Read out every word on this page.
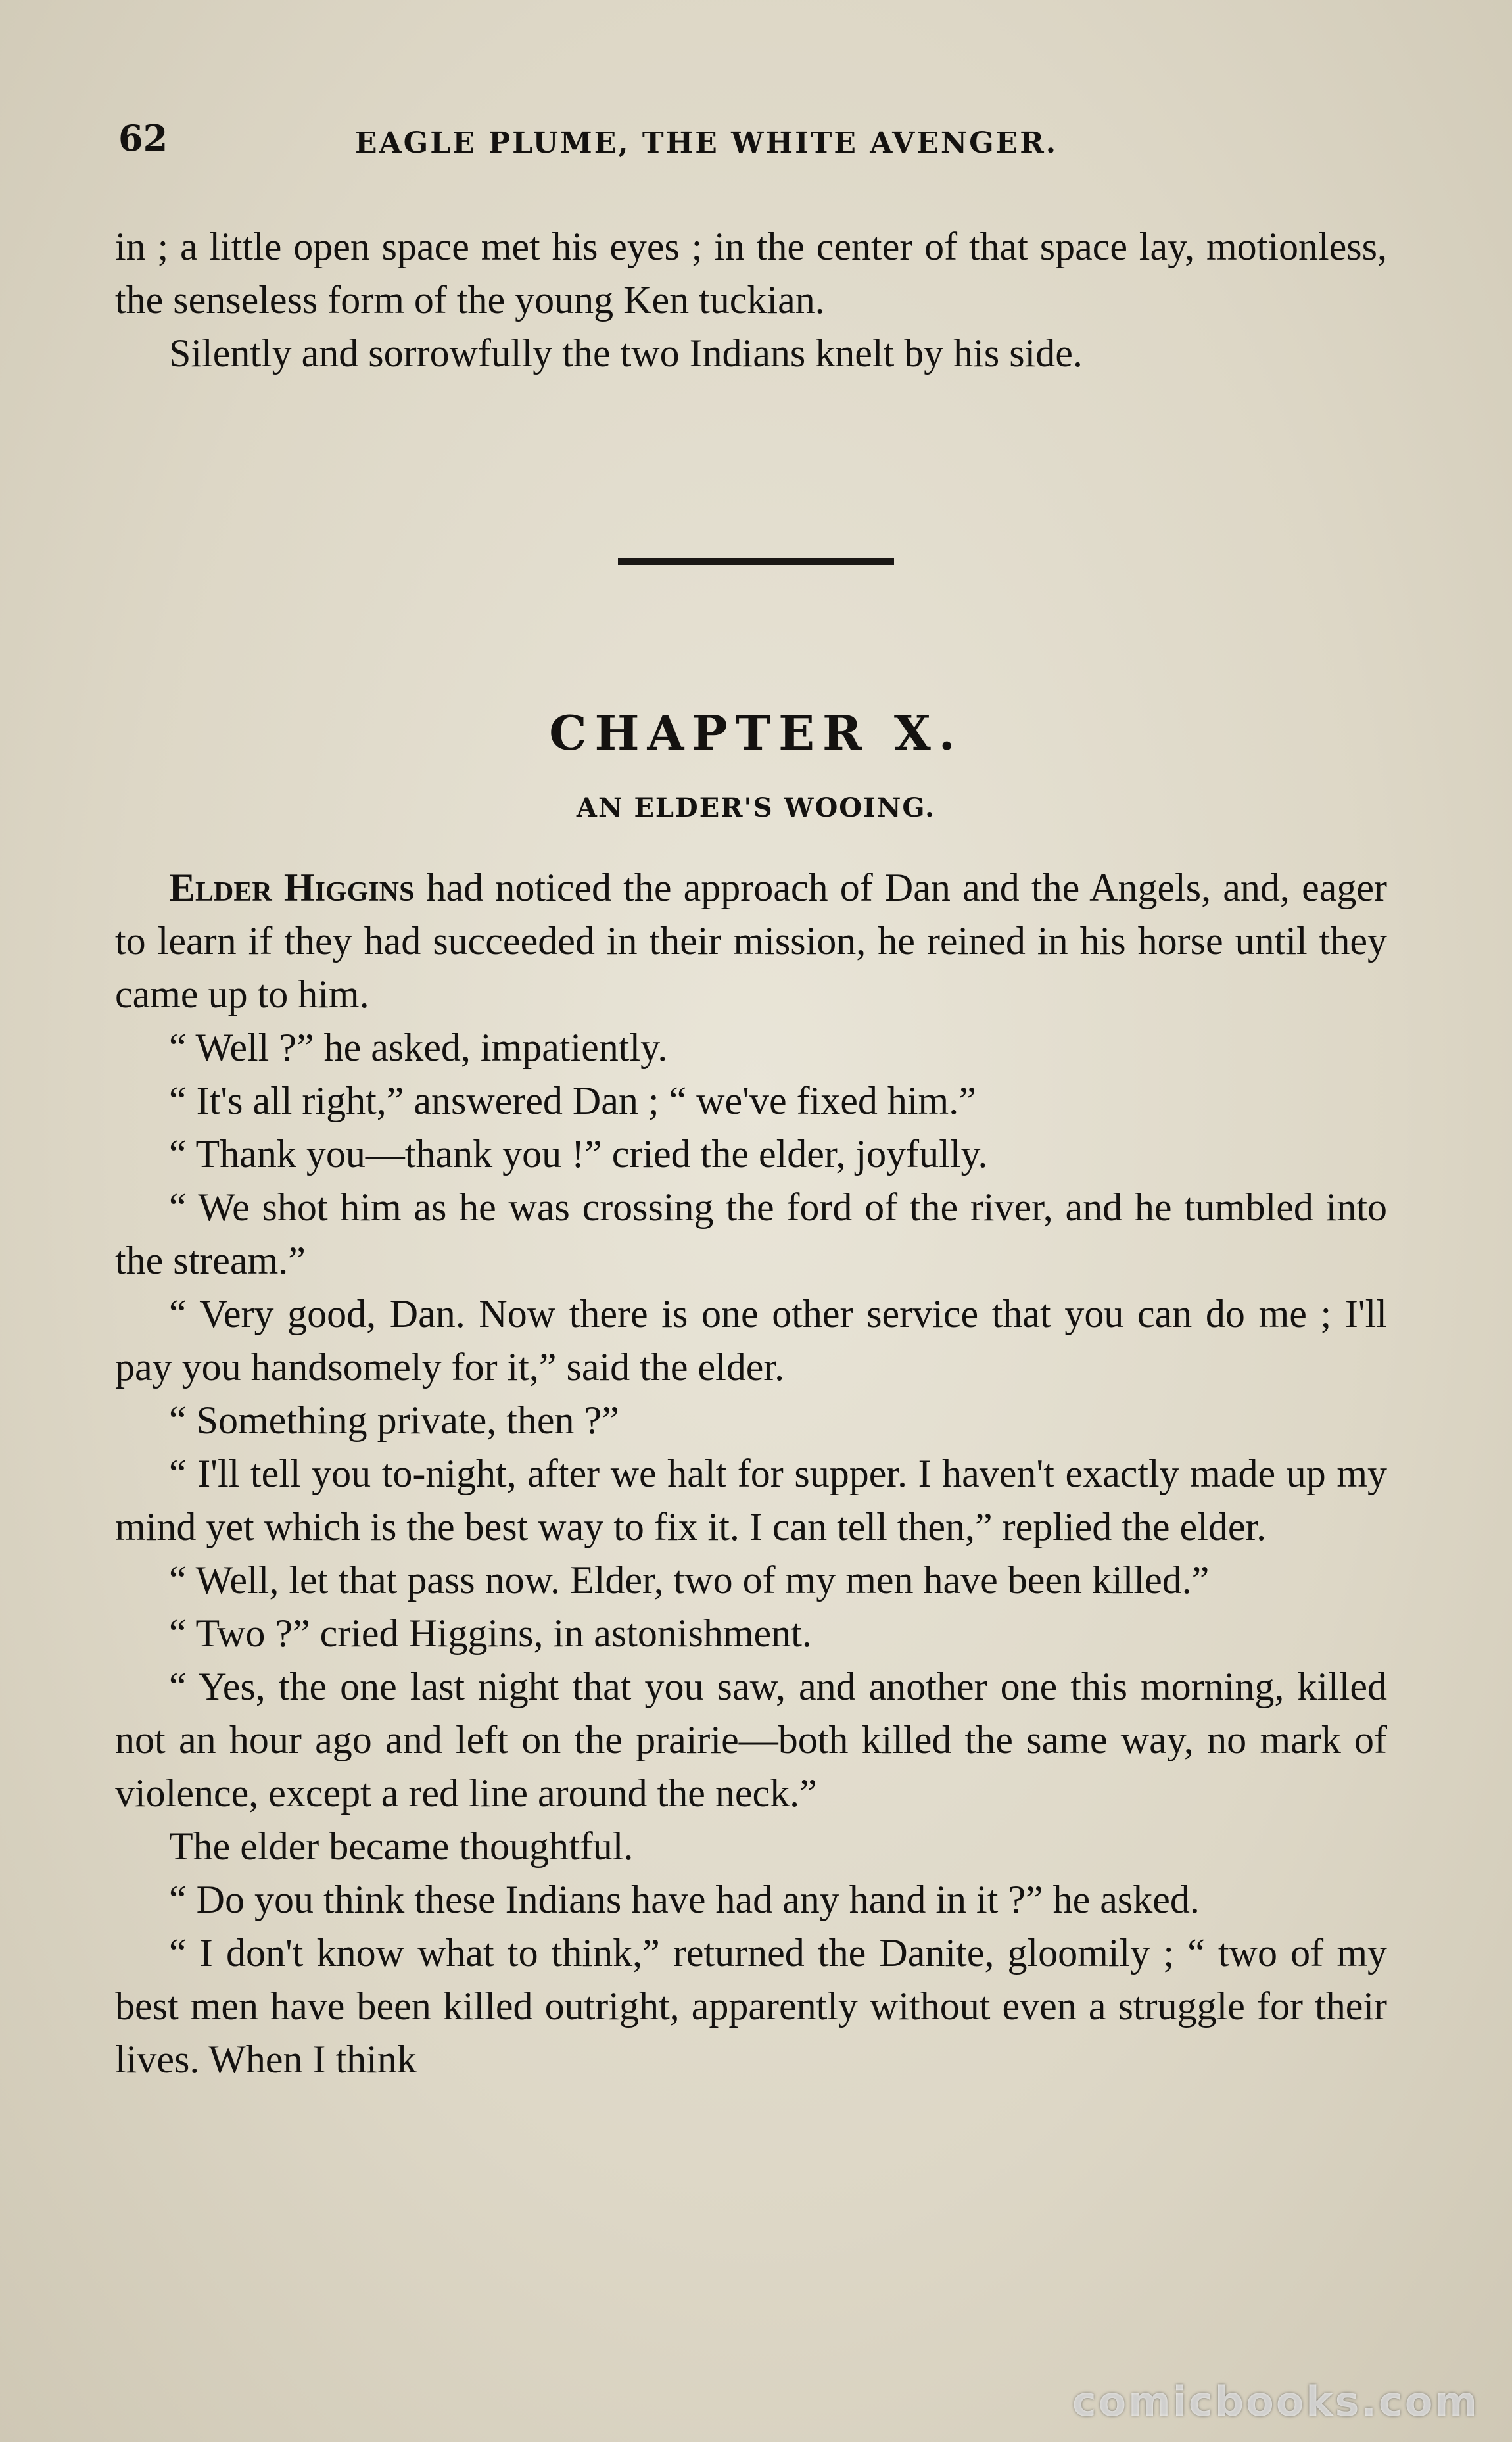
62	EAGLE PLUME, THE WHITE AVENGER.

in ; a little open space met his eyes ; in the center of that space lay, motionless, the senseless form of the young Ken tuckian.

Silently and sorrowfully the two Indians knelt by his side.

CHAPTER X.
AN ELDER'S WOOING.

Elder Higgins had noticed the approach of Dan and the Angels, and, eager to learn if they had succeeded in their mission, he reined in his horse until they came up to him.

“ Well ?” he asked, impatiently.

“ It's all right,” answered Dan ; “ we've fixed him.”

“ Thank you—thank you !” cried the elder, joyfully.

“ We shot him as he was crossing the ford of the river, and he tumbled into the stream.”

“ Very good, Dan. Now there is one other service that you can do me ; I'll pay you handsomely for it,” said the elder.

“ Something private, then ?”

“ I'll tell you to-night, after we halt for supper. I haven't exactly made up my mind yet which is the best way to fix it. I can tell then,” replied the elder.

“ Well, let that pass now. Elder, two of my men have been killed.”

“ Two ?” cried Higgins, in astonishment.

“ Yes, the one last night that you saw, and another one this morning, killed not an hour ago and left on the prairie—both killed the same way, no mark of violence, except a red line around the neck.”

The elder became thoughtful.

“ Do you think these Indians have had any hand in it ?” he asked.

“ I don't know what to think,” returned the Danite, gloomily ; “ two of my best men have been killed outright, apparently without even a struggle for their lives. When I think

comicbooks.com
